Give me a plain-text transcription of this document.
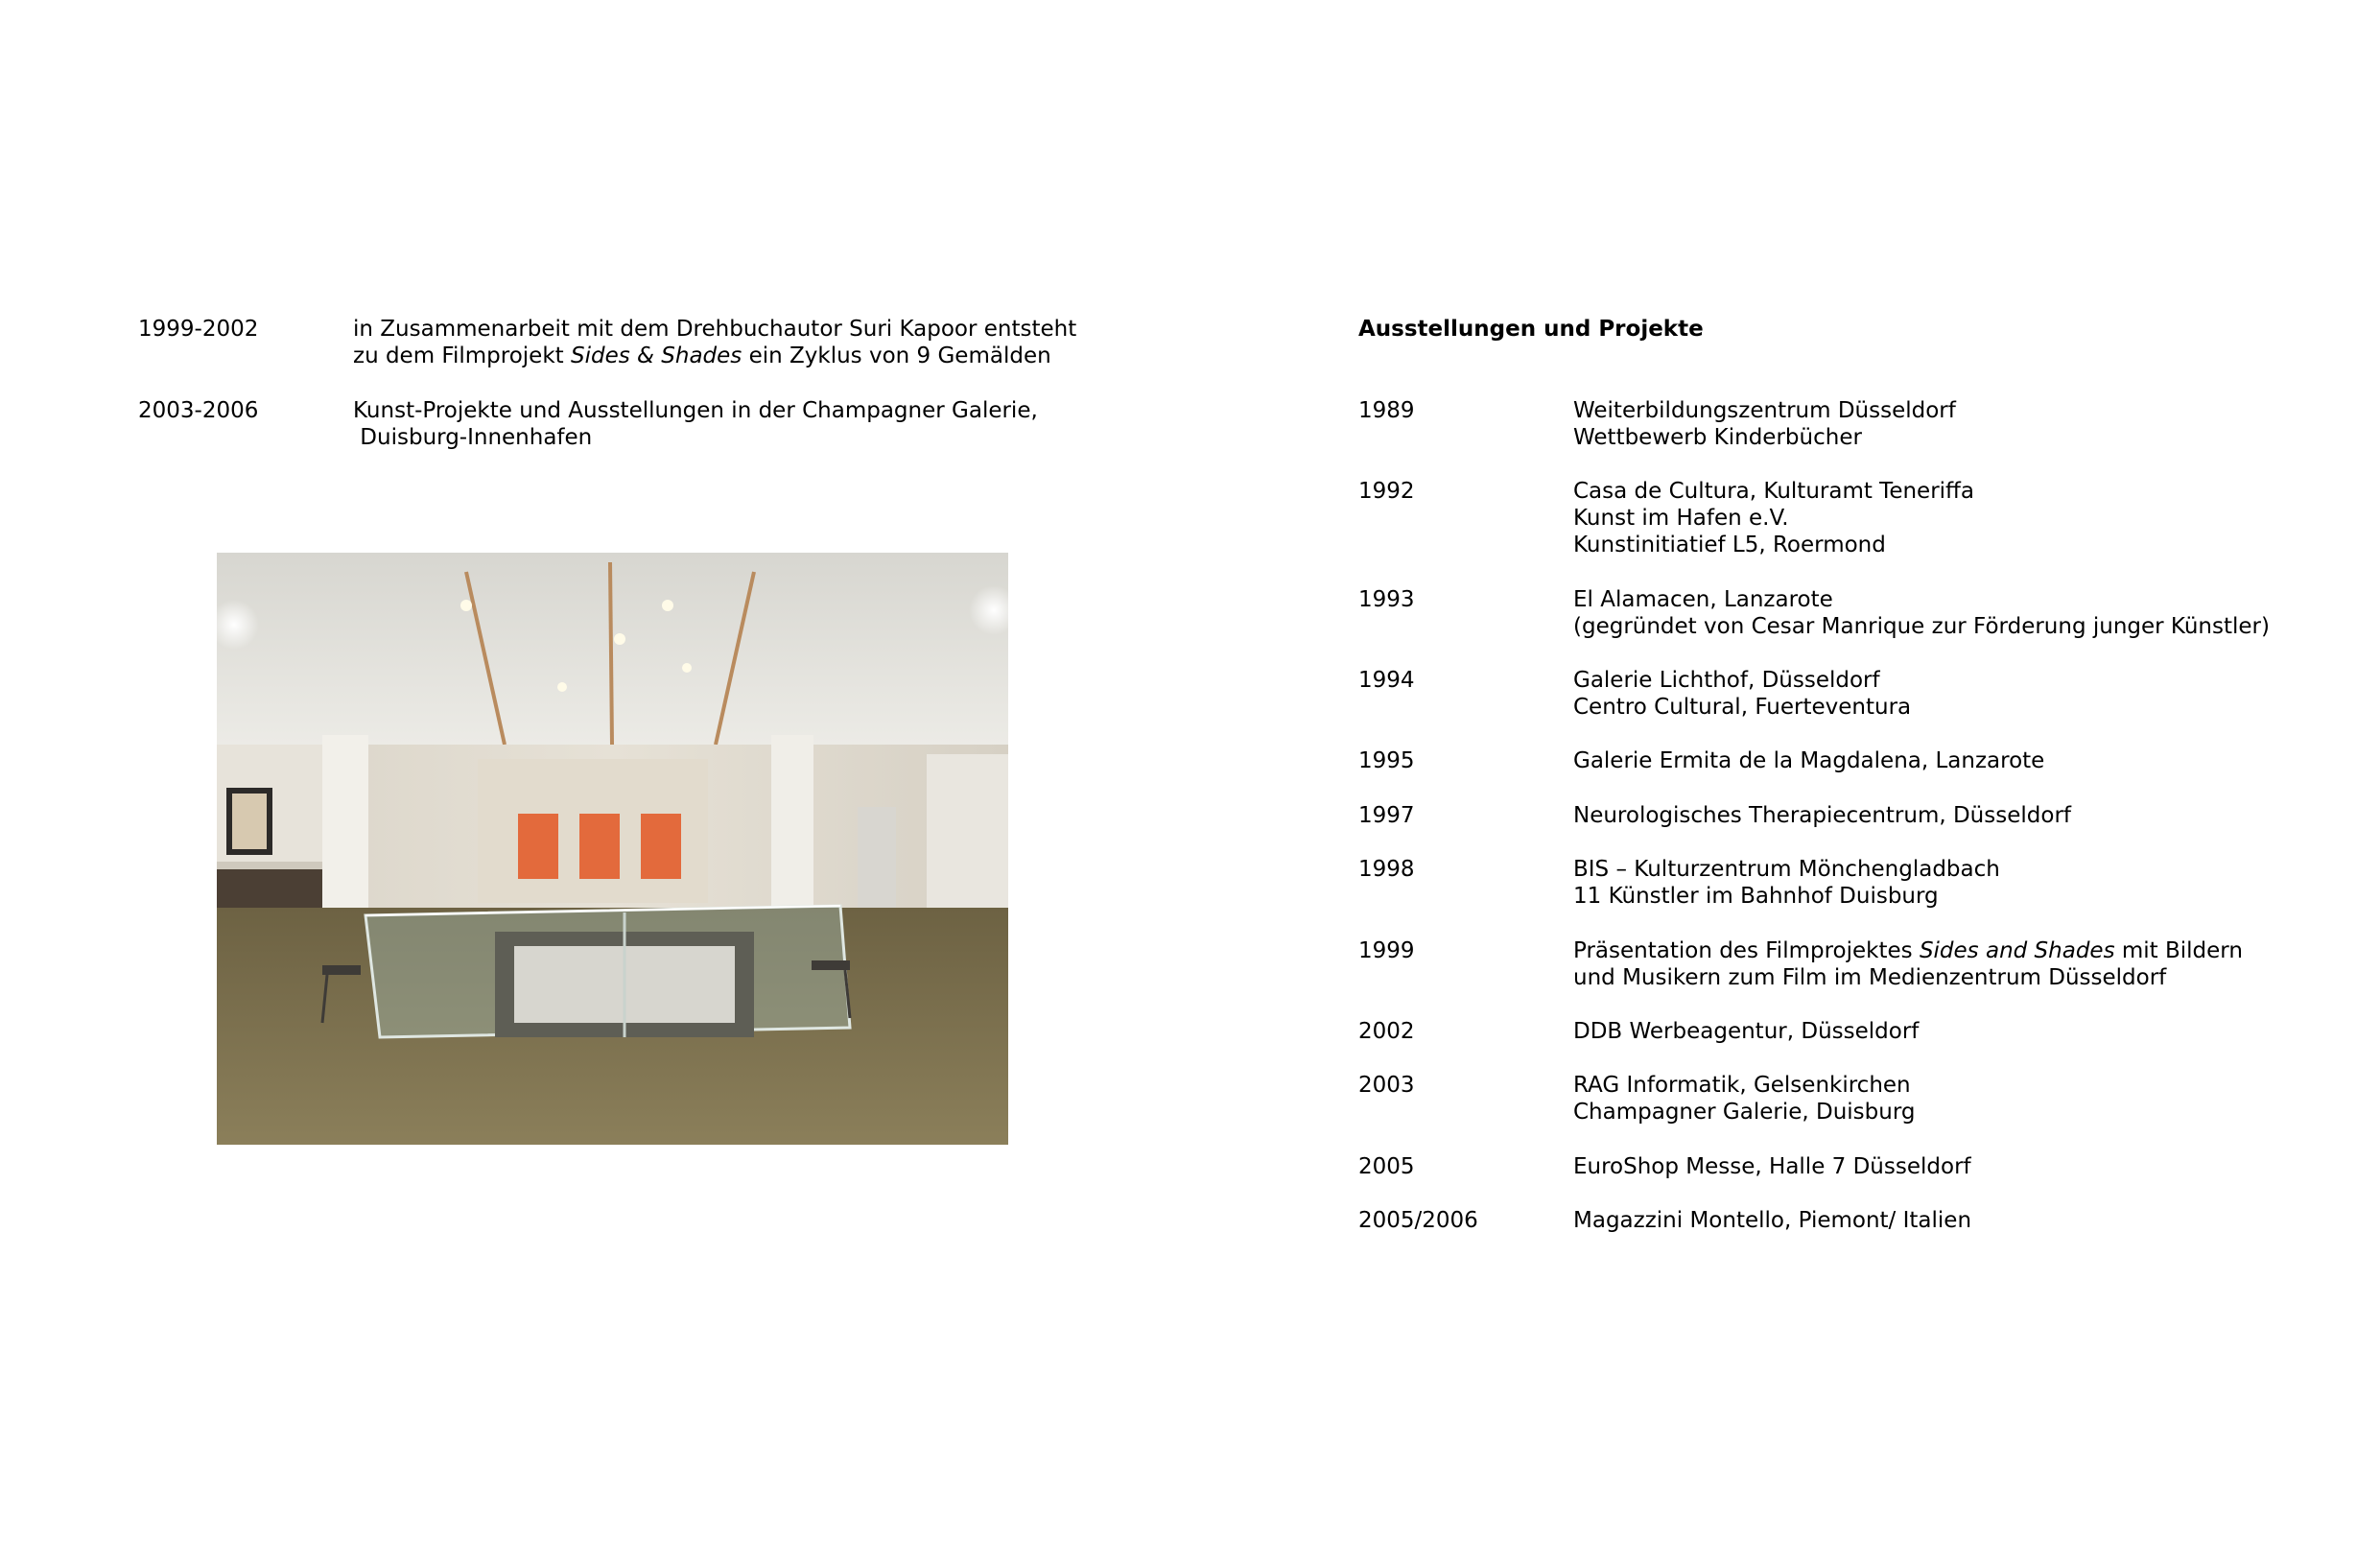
1999-2002	in Zusammenarbeit mit dem Drehbuchautor Suri Kapoor entsteht
zu dem Filmprojekt Sides & Shades ein Zyklus von 9 Gemälden
2003-2006	Kunst-Projekte und Ausstellungen in der Champagner Galerie,
Duisburg-Innenhafen
Ausstellungen und Projekte
1989	Weiterbildungszentrum Düsseldorf
Wettbewerb Kinderbücher
1992	Casa de Cultura, Kulturamt Teneriffa
Kunst im Hafen e.V.
Kunstinitiatief L5, Roermond
1993	El Alamacen, Lanzarote
(gegründet von Cesar Manrique zur Förderung junger Künstler)
1994	Galerie Lichthof, Düsseldorf
Centro Cultural, Fuerteventura
1995	Galerie Ermita de la Magdalena, Lanzarote
1997	Neurologisches Therapiecentrum, Düsseldorf
1998	BIS – Kulturzentrum Mönchengladbach
11 Künstler im Bahnhof Duisburg
1999	Präsentation des Filmprojektes Sides and Shades mit Bildern
und Musikern zum Film im Medienzentrum Düsseldorf
2002	DDB Werbeagentur, Düsseldorf
2003	RAG Informatik, Gelsenkirchen
Champagner Galerie, Duisburg
2005	EuroShop Messe, Halle 7 Düsseldorf
2005/2006	Magazzini Montello, Piemont/ Italien
